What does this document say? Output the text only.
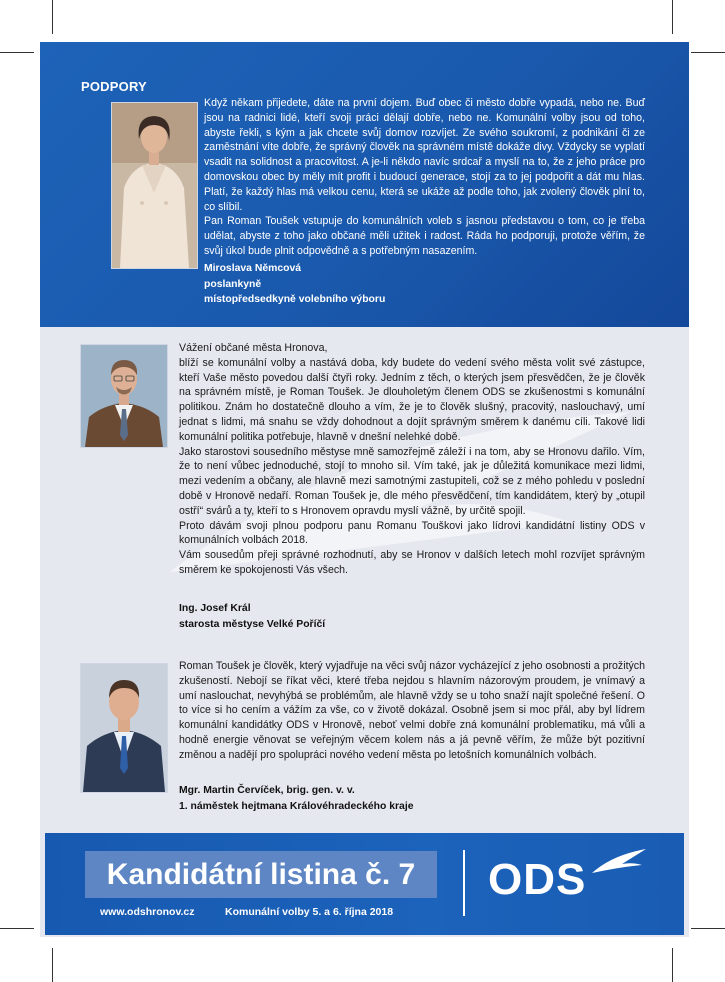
PODPORY

Když někam přijedete, dáte na první dojem. Buď obec či město dobře vypadá, nebo ne. Buď jsou na radnici lidé, kteří svoji práci dělají dobře, nebo ne. Komunální volby jsou od toho, abyste řekli, s kým a jak chcete svůj domov rozvíjet. Ze svého soukromí, z podnikání či ze zaměstnání víte dobře, že správný člověk na správném místě dokáže divy. Vždycky se vyplatí vsadit na solidnost a pracovitost. A je-li někdo navíc srdcař a myslí na to, že z jeho práce pro domovskou obec by měly mít profit i budoucí generace, stojí za to jej podpořit a dát mu hlas. Platí, že každý hlas má velkou cenu, která se ukáže až podle toho, jak zvolený člověk plní to, co slíbil.

Pan Roman Toušek vstupuje do komunálních voleb s jasnou představou o tom, co je třeba udělat, abyste z toho jako občané měli užitek i radost. Ráda ho podporuji, protože věřím, že svůj úkol bude plnit odpovědně a s potřebným nasazením.

Miroslava Němcová
poslankyně
místopředsedkyně volebního výboru

Vážení občané města Hronova,

blíží se komunální volby a nastává doba, kdy budete do vedení svého města volit své zástupce, kteří Vaše město povedou další čtyři roky. Jedním z těch, o kterých jsem přesvědčen, že je člověk na správném místě, je Roman Toušek. Je dlouholetým členem ODS se zkušenostmi s komunální politikou. Znám ho dostatečně dlouho a vím, že je to člověk slušný, pracovitý, naslouchavý, umí jednat s lidmi, má snahu se vždy dohodnout a dojít správným směrem k danému cíli. Takové lidi komunální politika potřebuje, hlavně v dnešní nelehké době.

Jako starostovi sousedního městyse mně samozřejmě záleží i na tom, aby se Hronovu dařilo. Vím, že to není vůbec jednoduché, stojí to mnoho sil. Vím také, jak je důležitá komunikace mezi lidmi, mezi vedením a občany, ale hlavně mezi samotnými zastupiteli, což se z mého pohledu v poslední době v Hronově nedaří. Roman Toušek je, dle mého přesvědčení, tím kandidátem, který by „otupil ostří“ svárů a ty, kteří to s Hronovem opravdu myslí vážně, by určitě spojil.

Proto dávám svoji plnou podporu panu Romanu Touškovi jako lídrovi kandidátní listiny ODS v komunálních volbách 2018.

Vám sousedům přeji správné rozhodnutí, aby se Hronov v dalších letech mohl rozvíjet správným směrem ke spokojenosti Vás všech.

Ing. Josef Král
starosta městyse Velké Poříčí

Roman Toušek je člověk, který vyjadřuje na věci svůj názor vycházející z jeho osobnosti a prožitých zkušeností. Nebojí se říkat věci, které třeba nejdou s hlavním názorovým proudem, je vnímavý a umí naslouchat, nevyhýbá se problémům, ale hlavně vždy se u toho snaží najít společné řešení. O to více si ho cením a vážím za vše, co v životě dokázal. Osobně jsem si moc přál, aby byl lídrem komunální kandidátky ODS v Hronově, neboť velmi dobře zná komunální problematiku, má vůli a hodně energie věnovat se veřejným věcem kolem nás a já pevně věřím, že může být pozitivní změnou a nadějí pro spolupráci nového vedení města po letošních komunálních volbách.

Mgr. Martin Červíček, brig. gen. v. v.
1. náměstek hejtmana Královéhradeckého kraje
Kandidátní listina č. 7
www.odshronov.cz	Komunální volby 5. a 6. října 2018
ODS
